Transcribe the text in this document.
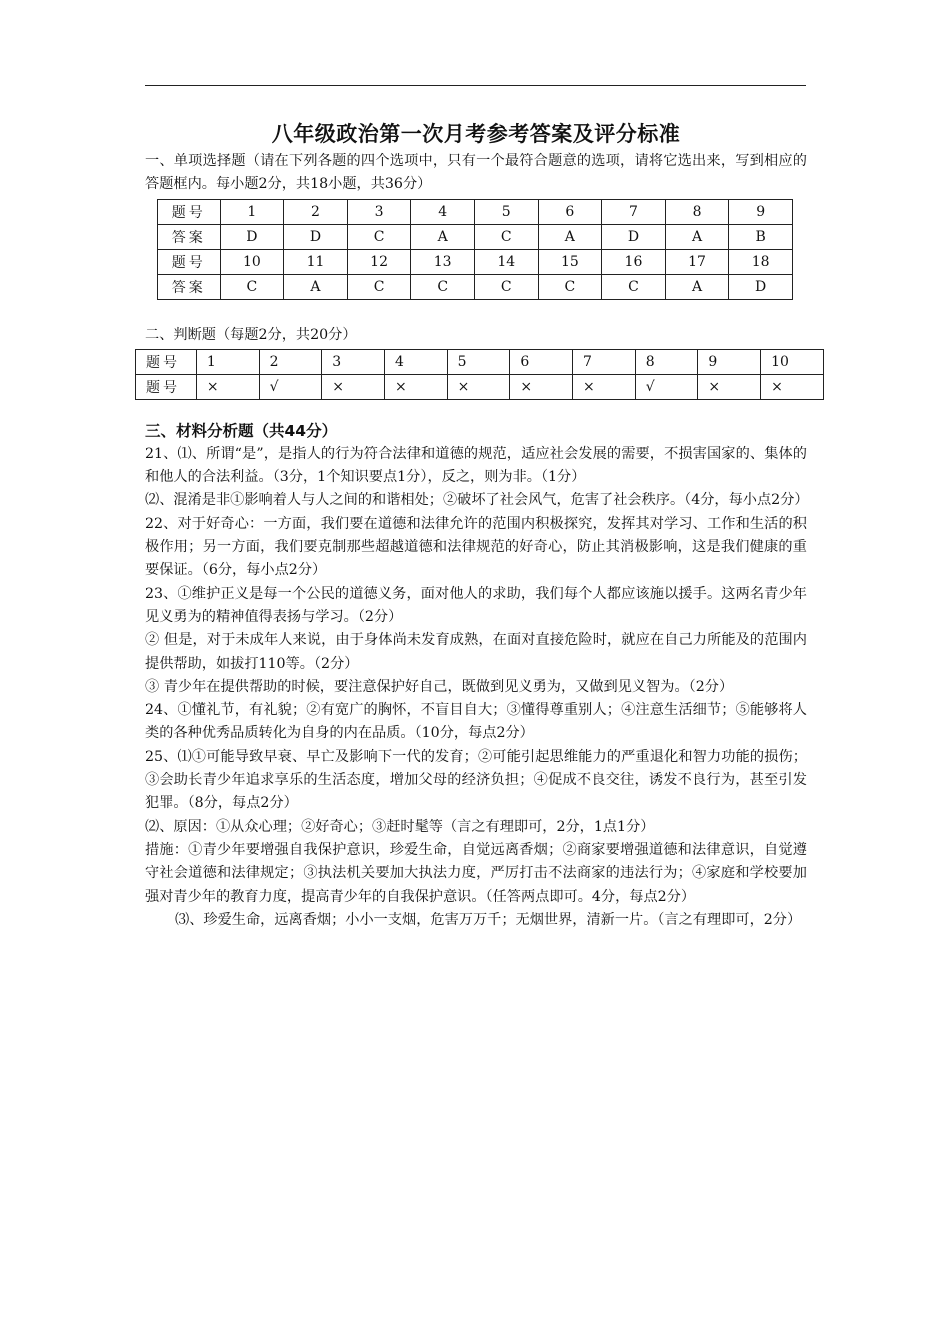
八年级政治第一次月考参考答案及评分标准

一、单项选择题（请在下列各题的四个选项中，只有一个最符合题意的选项，请将它选出来，写到相应的答题框内。每小题2分，共18小题，共36分）

题号	1	2	3	4	5	6	7	8	9
答案	D	D	C	A	C	A	D	A	B
题号	10	11	12	13	14	15	16	17	18
答案	C	A	C	C	C	C	C	A	D

二、判断题（每题2分，共20分）

题号	1	2	3	4	5	6	7	8	9	10
题号	×	√	×	×	×	×	×	√	×	×
三、材料分析题（共44分）

21、⑴、所谓“是”，是指人的行为符合法律和道德的规范，适应社会发展的需要，不损害国家的、集体的和他人的合法利益。（3分，1个知识要点1分），反之，则为非。（1分）

⑵、混淆是非①影响着人与人之间的和谐相处；②破坏了社会风气，危害了社会秩序。（4分，每小点2分）

22、对于好奇心：一方面，我们要在道德和法律允许的范围内积极探究，发挥其对学习、工作和生活的积极作用；另一方面，我们要克制那些超越道德和法律规范的好奇心，防止其消极影响，这是我们健康的重要保证。（6分，每小点2分）

23、①维护正义是每一个公民的道德义务，面对他人的求助，我们每个人都应该施以援手。这两名青少年见义勇为的精神值得表扬与学习。（2分）

② 但是，对于未成年人来说，由于身体尚未发育成熟，在面对直接危险时，就应在自己力所能及的范围内提供帮助，如拔打110等。（2分）

③ 青少年在提供帮助的时候，要注意保护好自己，既做到见义勇为，又做到见义智为。（2分）

24、①懂礼节，有礼貌；②有宽广的胸怀，不盲目自大；③懂得尊重别人；④注意生活细节；⑤能够将人类的各种优秀品质转化为自身的内在品质。（10分，每点2分）

25、⑴①可能导致早衰、早亡及影响下一代的发育；②可能引起思维能力的严重退化和智力功能的损伤；③会助长青少年追求享乐的生活态度，增加父母的经济负担；④促成不良交往，诱发不良行为，甚至引发犯罪。（8分，每点2分）

⑵、原因：①从众心理；②好奇心；③赶时髦等（言之有理即可，2分，1点1分）

措施：①青少年要增强自我保护意识，珍爱生命，自觉远离香烟；②商家要增强道德和法律意识，自觉遵守社会道德和法律规定；③执法机关要加大执法力度，严厉打击不法商家的违法行为；④家庭和学校要加强对青少年的教育力度，提高青少年的自我保护意识。（任答两点即可。4分，每点2分）

⑶、珍爱生命，远离香烟；小小一支烟，危害万万千；无烟世界，清新一片。（言之有理即可，2分）
